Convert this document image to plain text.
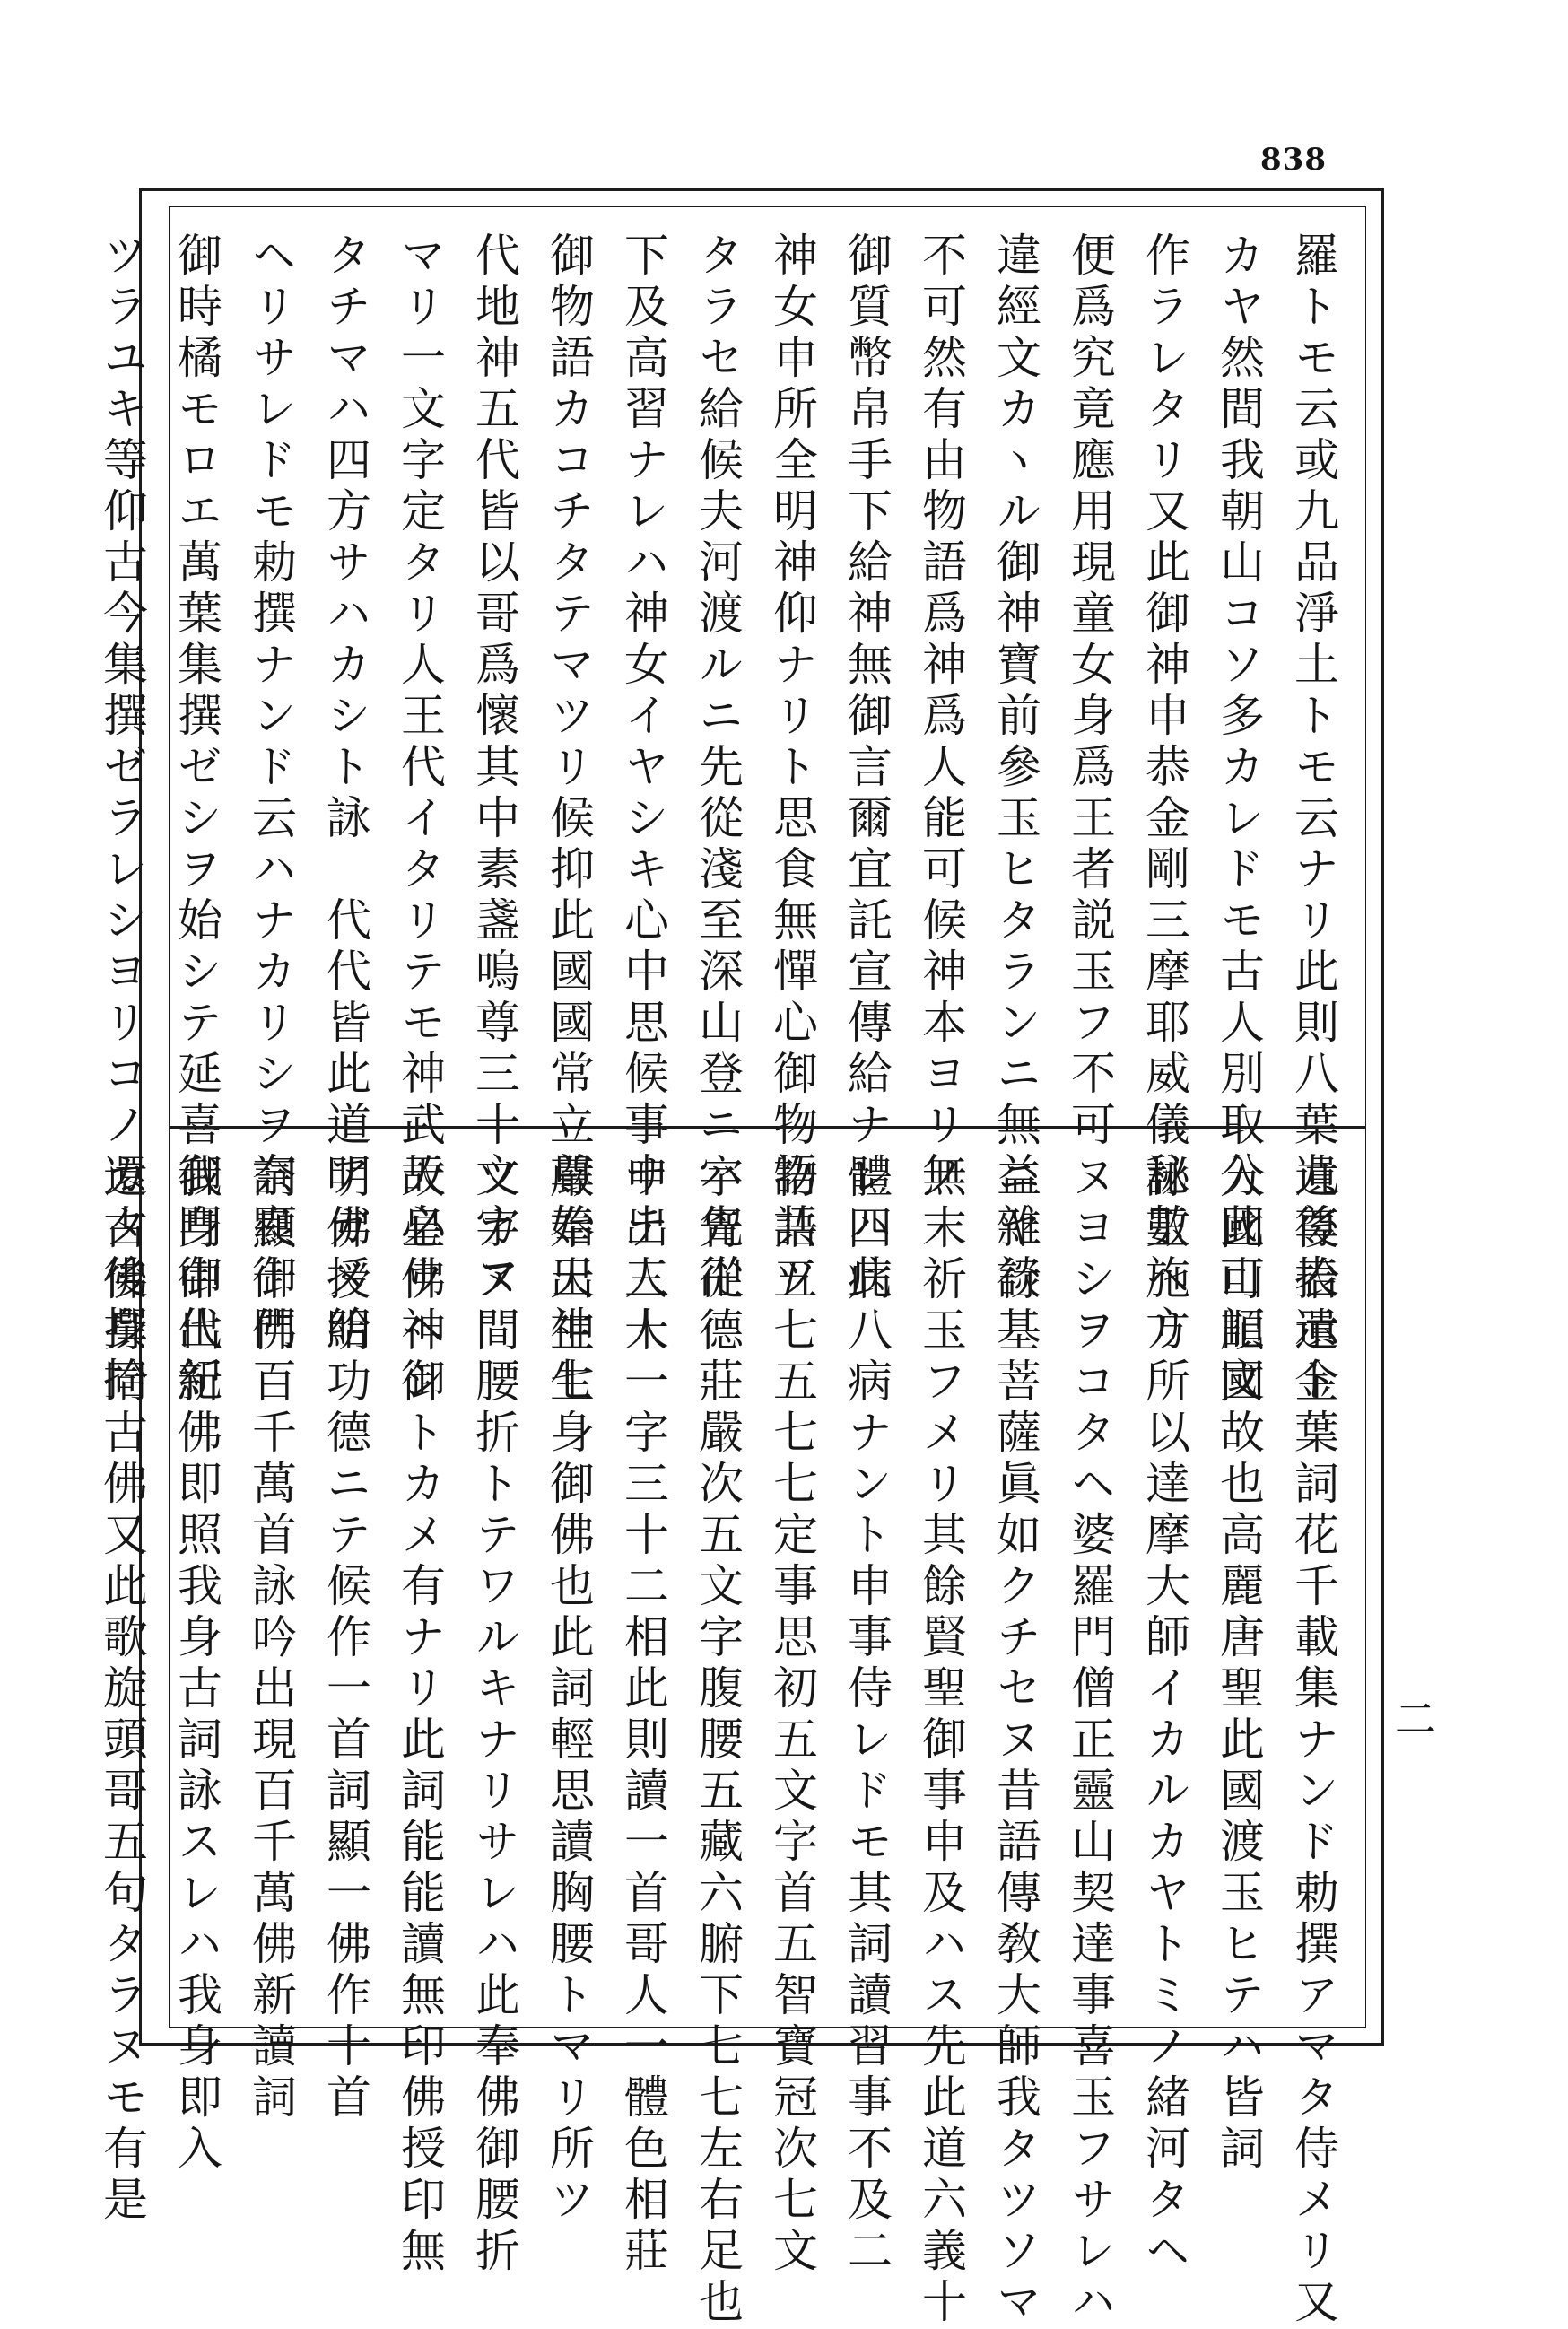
838
羅トモ云或九品淨土トモ云ナリ此則八葉九尊表示ト
カヤ然間我朝山コソ多カレドモ古人別取分此山記文
作ラレタリ又此御神申恭金剛三摩耶威儀秘數施方
便爲究竟應用現童女身爲王者説玉フ不可
違經文カヽル御神寶前參玉ヒタランニ無益雜談
不可然有由物語爲神爲人能可候神本ヨリ無
御質幣帛手下給神無御言爾宜託宣傳給ナレハ此
神女申所全明神仰ナリト思食無憚心御物語共ツ
タラセ給候夫河渡ルニ先從淺至深山登ニハ先從
下及高習ナレハ神女イヤシキ心中思候事申出人人
御物語カコチタテマツリ候抑此國國常立尊始天神七
代地神五代皆以哥爲懷其中素盞嗚尊三十文字ア
マリ一文字定タリ人王代イタリテモ神武天皇ウヘシ
タチマハ四方サハカシト詠　代代皆此道アガメ給
ヘリサレドモ勅撰ナンド云ハナカリシヲ奈良御門
御時橘モロエ萬葉集撰ゼシヲ始シテ延喜御門御代紀
ツラユキ等仰古今集撰ゼラレシヨリコノカタ後撰拾
遺後拾遺金葉詞花千載集ナンド勅撰アマタ侍メリ又
入國可順國故也高麗唐聖此國渡玉ヒテハ皆詞
詠玉ヘリ所以達摩大師イカルカヤトミノ緒河タヘ
ヌヨシヲコタヘ婆羅門僧正靈山契達事喜玉フサレハ
ニヤ行基菩薩眞如クチセヌ昔語傳敎大師我タツソマ
ノ末祈玉フメリ其餘賢聖御事申及ハス先此道六義十
體四病八病ナント申事侍レドモ其詞讀習事不及二
物語五七五七七定事思初五文字首五智寶冠次七文
字胷卍德莊嚴次五文字腹腰五藏六腑下七七左右足也
サテ三十一字三十二相此則讀一首哥人一體色相莊
嚴奉出生生身御佛也此詞輕思讀胸腰トマリ所ツ
ツカヌ間腰折トテワルキナリサレハ此奉佛御腰折
故必佛神御トカメ有ナリ此詞能能讀無印佛授印無
明佛授明功德ニテ候作一首詞顯一佛作十首
詞顯十佛百千萬首詠吟出現百千萬佛新讀詞
我身中出新佛即照我身古詞詠スレハ我身即入
還古佛身同古佛又此歌旋頭哥五句タラヌモ有是	二
